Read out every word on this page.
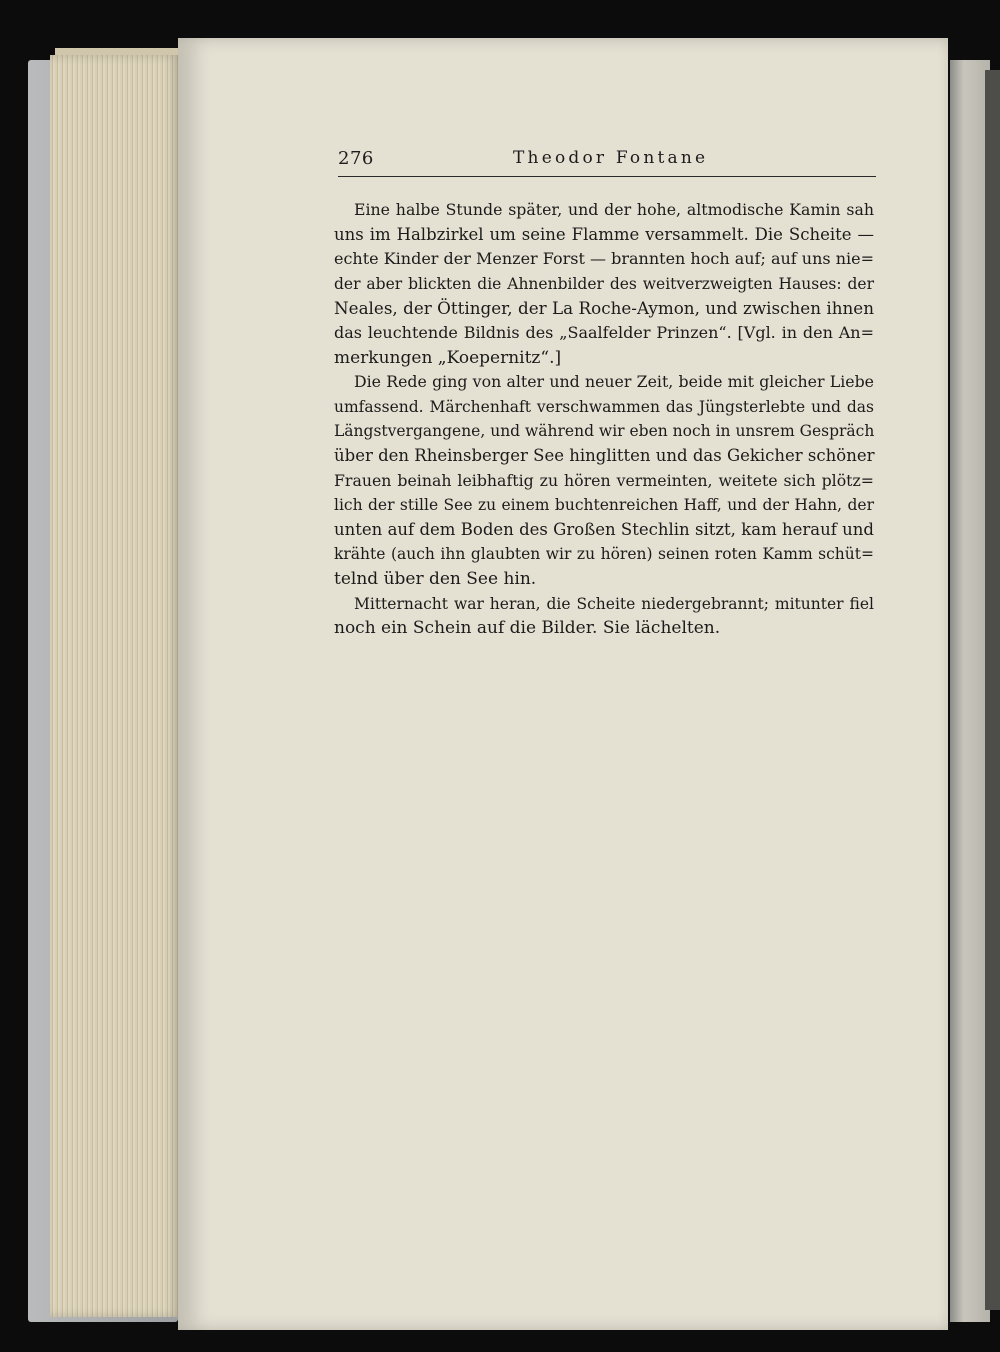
276	Theodor Fontane
Eine halbe Stunde später, und der hohe, altmodische Kamin sah
uns im Halbzirkel um seine Flamme versammelt. Die Scheite —
echte Kinder der Menzer Forst — brannten hoch auf; auf uns nie=
der aber blickten die Ahnenbilder des weitverzweigten Hauses: der
Neales, der Öttinger, der La Roche-Aymon, und zwischen ihnen
das leuchtende Bildnis des „Saalfelder Prinzen“. [Vgl. in den An=
merkungen „Koepernitz“.]
Die Rede ging von alter und neuer Zeit, beide mit gleicher Liebe
umfassend. Märchenhaft verschwammen das Jüngsterlebte und das
Längstvergangene, und während wir eben noch in unsrem Gespräch
über den Rheinsberger See hinglitten und das Gekicher schöner
Frauen beinah leibhaftig zu hören vermeinten, weitete sich plötz=
lich der stille See zu einem buchtenreichen Haff, und der Hahn, der
unten auf dem Boden des Großen Stechlin sitzt, kam herauf und
krähte (auch ihn glaubten wir zu hören) seinen roten Kamm schüt=
telnd über den See hin.
Mitternacht war heran, die Scheite niedergebrannt; mitunter fiel
noch ein Schein auf die Bilder. Sie lächelten.
